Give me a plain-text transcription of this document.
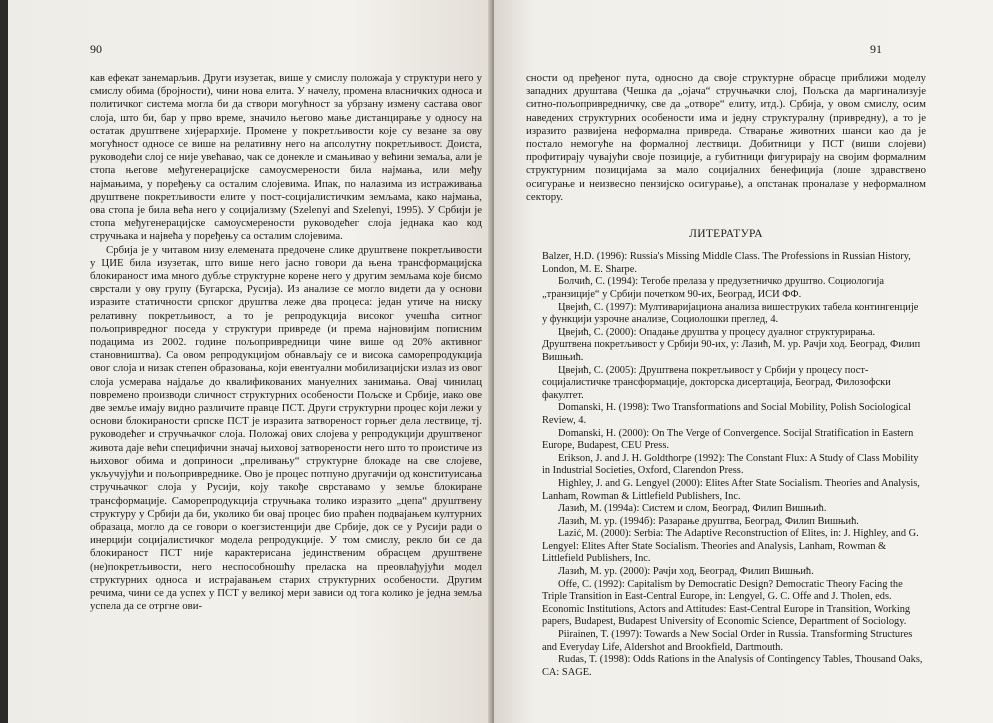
90

кав ефекат занемарљив. Други изузетак, више у смислу положаја у структури него у смислу обима (бројности), чини нова елита. У начелу, промена власничких односа и политичког система могла би да створи могућност за убрзану измену састава овог слоја, што би, бар у прво време, значило његово мање дистанцирање у односу на остатак друштвене хијерархије. Промене у покретљивости које су везане за ову могућност односе се више на релативну него на апсолутну покретљивост. Доиста, руководећи слој се није увећавао, чак се донекле и смањивао у већини земаља, али је стопа његове међугенерацијске самоусмерености била најмања, или међу најмањима, у поређењу са осталим слојевима. Ипак, по налазима из истраживања друштвене покретљивости елите у пост-социјалистичким земљама, како најмања, ова стопа је била већа него у социјализму (Szelenyi and Szelenyi, 1995). У Србији је стопа међугенерацијске самоусмерености руководећег слоја једнака као код стручњака и највећа у поређењу са осталим слојевима.

Србија је у читавом низу елемената предочене слике друштвене покретљивости у ЦИЕ била изузетак, што више него јасно говори да њена трансформацијска блокираност има много дубље структурне корене него у другим земљама које бисмо сврстали у ову групу (Бугарска, Русија). Из анализе се могло видети да у основи изразите статичности српског друштва леже два процеса: један утиче на ниску релативну покретљивост, а то је репродукција високог учешћа ситног пољопривредног поседа у структури привреде (и према најновијим пописним подацима из 2002. године пољопривредници чине више од 20% активног становништва). Са овом репродукцијом обнављају се и висока саморепродукција овог слоја и низак степен образовања, који евентуални мобилизацијски излаз из овог слоја усмерава најдаље до квалификованих мануелних занимања. Овај чинилац повремено производи сличност структурних особености Пољске и Србије, иако ове две земље имају видно различите правце ПСТ. Други структурни процес који лежи у основи блокираности српске ПСТ је изразита затвореност горњег дела лествице, тј. руководећег и стручњачког слоја. Положај ових слојева у репродукцији друштвеног живота даје већи специфични значај њиховој затворености него што то проистиче из њиховог обима и доприноси „преливању“ структурне блокаде на све слојеве, укључујући и пољопривреднике. Ово је процес потпуно другачији од конституисања стручњачког слоја у Русији, коју такође сврставамо у земље блокиране трансформације. Саморепродукција стручњака толико изразито „цепа“ друштвену структуру у Србији да би, уколико би овај процес био праћен подвајањем културних образаца, могло да се говори о коегзистенцији две Србије, док се у Русији ради о инерцији социјалистичког модела репродукције. У том смислу, рекло би се да блокираност ПСТ није карактерисана јединственим обрасцем друштвене (не)покретљивости, него неспособношћу преласка на преовлађујући модел структурних односа и истрајавањем старих структурних особености. Другим речима, чини се да успех у ПСТ у великој мери зависи од тога колико је једна земља успела да се отргне ови-

91

сности од пређеног пута, односно да своје структурне обрасце приближи моделу западних друштава (Чешка да „ојача“ стручњачки слој, Пољска да маргинализује ситно-пољопривредничку, све да „отворе“ елиту, итд.). Србија, у овом смислу, осим наведених структурних особености има и једну структуралну (привредну), а то је изразито развијена неформална привреда. Стварање животних шанси као да је постало немогуће на формалној лествици. Добитници у ПСТ (виши слојеви) профитирају чувајући своје позиције, а губитници фигурирају на својим формалним структурним позицијама за мало социјалних бенефиција (лоше здравствено осигурање и неизвесно пензијско осигурање), а опстанак проналазе у неформалном сектору.

ЛИТЕРАТУРА

Balzer, H.D. (1996): Russia's Missing Middle Class. The Professions in Russian History, London, M. E. Sharpe.

Болчић, С. (1994): Тегобе прелаза у предузетничко друштво. Социологија „транзиције“ у Србији почетком 90-их, Београд, ИСИ ФФ.

Цвејић, С. (1997): Мултиваријациона анализа вишеструких табела контингенције у функцији узрочне анализе, Социолошки преглед, 4.

Цвејић, С. (2000): Опадање друштва у процесу дуалног структурирања. Друштвена покретљивост у Србији 90-их, у: Лазић, М. ур. Рачји ход. Београд, Филип Вишњић.

Цвејић, С. (2005): Друштвена покретљивост у Србији у процесу пост-социјалистичке трансформације, докторска дисертација, Београд, Филозофски факултет.

Domanski, H. (1998): Two Transformations and Social Mobility, Polish Sociological Review, 4.

Domanski, H. (2000): On The Verge of Convergence. Socijal Stratification in Eastern Europe, Budapest, CEU Press.

Erikson, J. and J. H. Goldthorpe (1992): The Constant Flux: A Study of Class Mobility in Industrial Societies, Oxford, Clarendon Press.

Highley, J. and G. Lengyel (2000): Elites After State Socialism. Theories and Analysis, Lanham, Rowman & Littlefield Publishers, Inc.

Лазић, М. (1994а): Систем и слом, Београд, Филип Вишњић.

Лазић, М. ур. (1994б): Разарање друштва, Београд, Филип Вишњић.

Lazić, M. (2000): Serbia: The Adaptive Reconstruction of Elites, in: J. Highley, and G. Lengyel: Elites After State Socialism. Theories and Analysis, Lanham, Rowman & Littlefield Publishers, Inc.

Лазић, М. ур. (2000): Рачји ход, Београд, Филип Вишњић.

Offe, C. (1992): Capitalism by Democratic Design? Democratic Theory Facing the Triple Transition in East-Central Europe, in: Lengyel, G. C. Offe and J. Tholen, eds. Economic Institutions, Actors and Attitudes: East-Central Europe in Transition, Working papers, Budapest, Budapest University of Economic Science, Department of Sociology.

Piirainen, T. (1997): Towards a New Social Order in Russia. Transforming Structures and Everyday Life, Aldershot and Brookfield, Dartmouth.

Rudas, T. (1998): Odds Rations in the Analysis of Contingency Tables, Thousand Oaks, CA: SAGE.
